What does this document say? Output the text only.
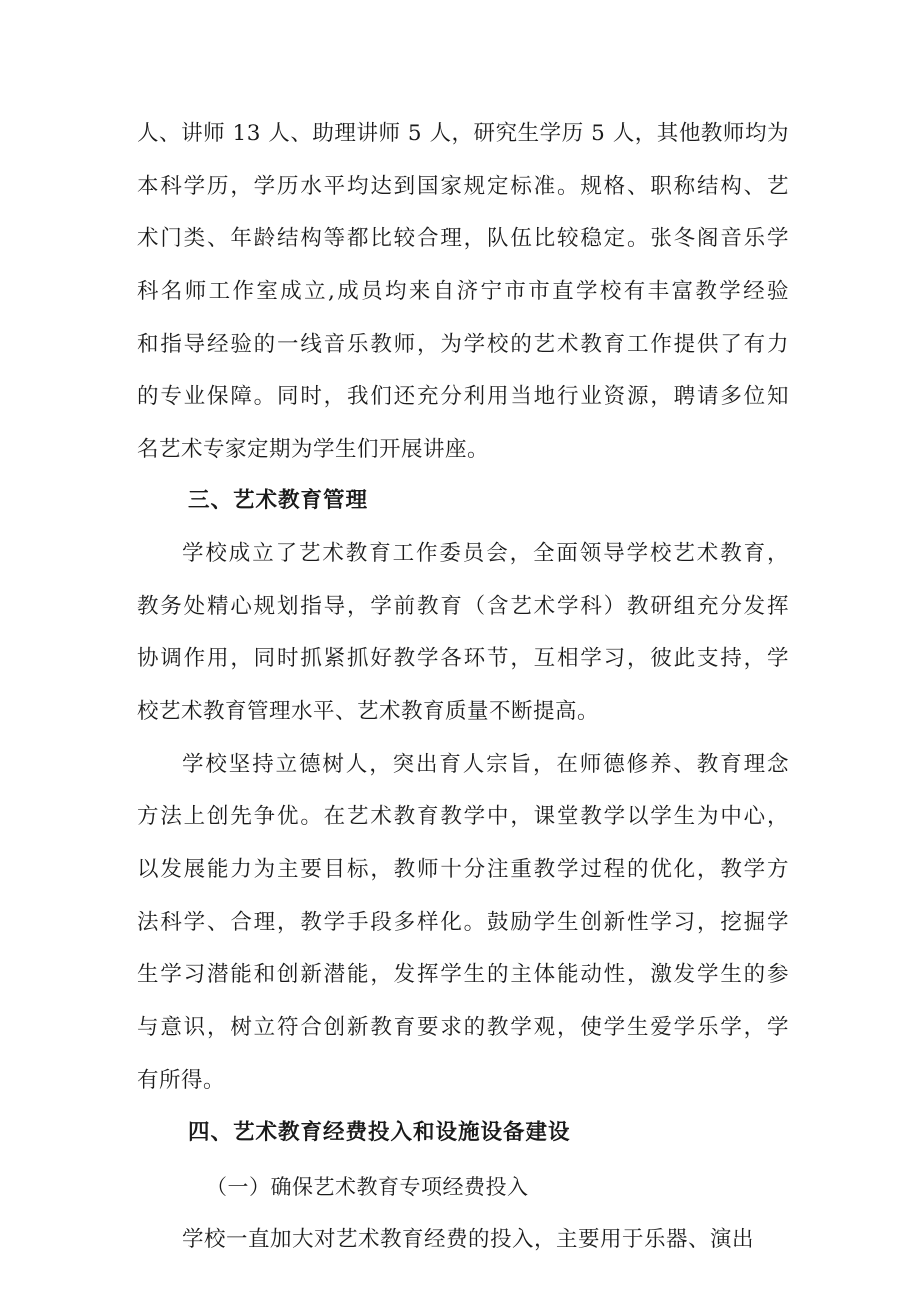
人、讲师 13 人、助理讲师 5 人，研究生学历 5 人，其他教师均为
本科学历，学历水平均达到国家规定标准。规格、职称结构、艺
术门类、年龄结构等都比较合理，队伍比较稳定。张冬阁音乐学
科名师工作室成立,成员均来自济宁市市直学校有丰富教学经验
和指导经验的一线音乐教师，为学校的艺术教育工作提供了有力
的专业保障。同时，我们还充分利用当地行业资源，聘请多位知
名艺术专家定期为学生们开展讲座。
三、艺术教育管理
学校成立了艺术教育工作委员会，全面领导学校艺术教育，
教务处精心规划指导，学前教育（含艺术学科）教研组充分发挥
协调作用，同时抓紧抓好教学各环节，互相学习，彼此支持，学
校艺术教育管理水平、艺术教育质量不断提高。
学校坚持立德树人，突出育人宗旨，在师德修养、教育理念
方法上创先争优。在艺术教育教学中，课堂教学以学生为中心，
以发展能力为主要目标，教师十分注重教学过程的优化，教学方
法科学、合理，教学手段多样化。鼓励学生创新性学习，挖掘学
生学习潜能和创新潜能，发挥学生的主体能动性，激发学生的参
与意识，树立符合创新教育要求的教学观，使学生爱学乐学，学
有所得。
四、艺术教育经费投入和设施设备建设
（一）确保艺术教育专项经费投入
学校一直加大对艺术教育经费的投入，主要用于乐器、演出
